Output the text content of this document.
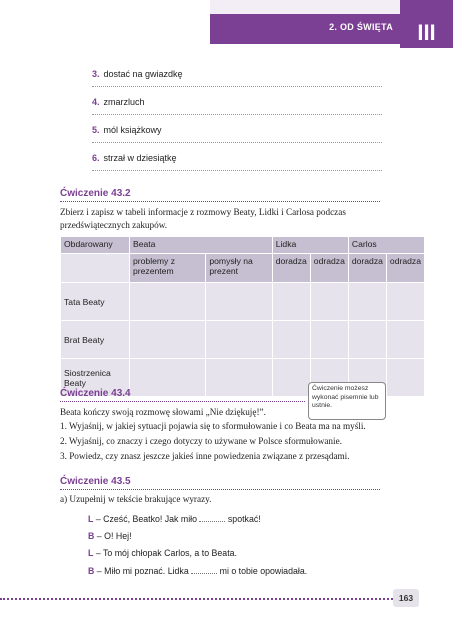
2. OD ŚWIĘTA	III
3. dostać na gwiazdkę
4. zmarzluch
5. mól książkowy
6. strzał w dziesiątkę
Ćwiczenie 43.2
Zbierz i zapisz w tabeli informacje z rozmowy Beaty, Lidki i Carlosa podczas przedświątecznych zakupów.
Obdarowany	Beata		Lidka		Carlos	
	problemy z prezentem	pomysły na prezent	doradza	odradza	doradza	odradza
Tata Beaty						
Brat Beaty						
Siostrzenica Beaty						
Ćwiczenie 43.4	Ćwiczenie możesz wykonać pisemnie lub ustnie.
Beata kończy swoją rozmowę słowami „Nie dziękuję!”.
1. Wyjaśnij, w jakiej sytuacji pojawia się to sformułowanie i co Beata ma na myśli.
2. Wyjaśnij, co znaczy i czego dotyczy to używane w Polsce sformułowanie.
3. Powiedz, czy znasz jeszcze jakieś inne powiedzenia związane z przesądami.
Ćwiczenie 43.5
a) Uzupełnij w tekście brakujące wyrazy.
L – Cześć, Beatko! Jak miło	spotkać!
B – O! Hej!
L – To mój chłopak Carlos, a to Beata.
B – Miło mi poznać. Lidka	mi o tobie opowiadała.
163
